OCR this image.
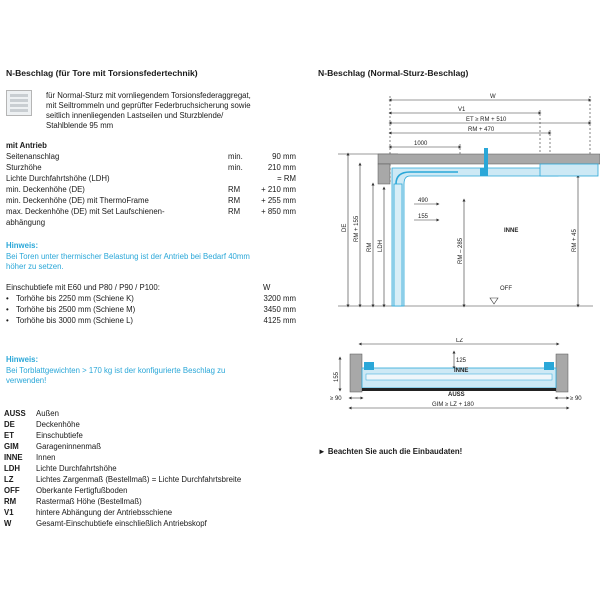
N-Beschlag (für Tore mit Torsionsfedertechnik)
für Normal-Sturz mit vornliegendem Torsionsfederaggregat,
mit Seiltrommeln und geprüfter Federbruchsicherung sowie
seitlich innenliegenden Lastseilen und Sturzblende/
Stahlblende 95 mm
mit Antrieb
Seitenanschlag	min.	90 mm
Sturzhöhe	min.	210 mm
Lichte Durchfahrtshöhe (LDH)	= RM
min. Deckenhöhe (DE)	RM	+ 210 mm
min. Deckenhöhe (DE) mit ThermoFrame	RM	+ 255 mm
max. Deckenhöhe (DE) mit Set Laufschienen-	RM	+ 850 mm
abhängung
Hinweis:
Bei Toren unter thermischer Belastung ist der Antrieb bei Bedarf 40mm
höher zu setzen.
Einschubtiefe mit E60 und P80 / P90 / P100:	W
• Torhöhe bis 2250 mm (Schiene K)	3200 mm
• Torhöhe bis 2500 mm (Schiene M)	3450 mm
• Torhöhe bis 3000 mm (Schiene L)	4125 mm
Hinweis:
Bei Torblattgewichten > 170 kg ist der konfigurierte Beschlag zu
verwenden!
AUSS	Außen
DE	Deckenhöhe
ET	Einschubtiefe
GIM	Garageninnenmaß
INNE	Innen
LDH	Lichte Durchfahrtshöhe
LZ	Lichtes Zargenmaß (Bestellmaß) = Lichte Durchfahrtsbreite
OFF	Oberkante Fertigfußboden
RM	Rastermaß Höhe (Bestellmaß)
V1	hintere Abhängung der Antriebsschiene
W	Gesamt-Einschubtiefe einschließlich Antriebskopf
N-Beschlag (Normal-Sturz-Beschlag)
W
V1
ET ≥ RM + 510
RM + 470
1000
490
155
INNE
OFF
DE RM + 155
RM LDH	RM – 285	RM + 45
LZ
125
INNE
AUSS
155
≥ 90	≥ 90
GIM ≥ LZ + 180
► Beachten Sie auch die Einbaudaten!
